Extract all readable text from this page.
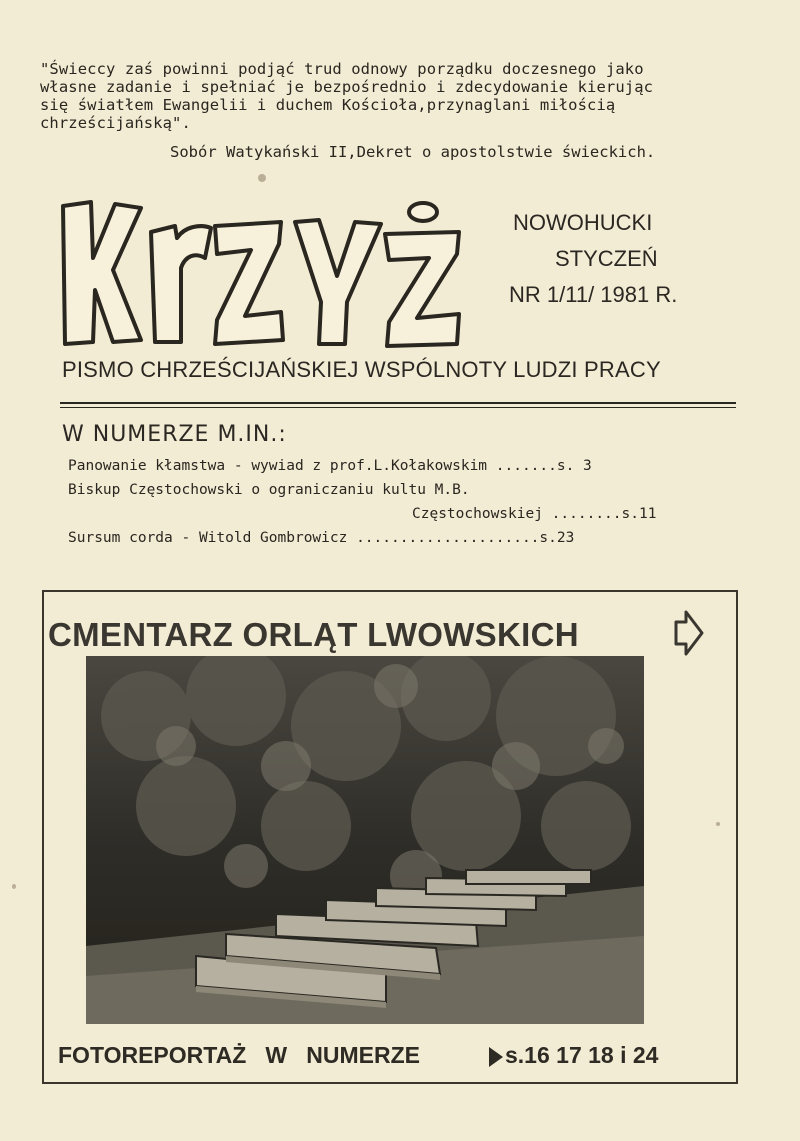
"Świeccy zaś powinni podjąć trud odnowy porządku doczesnego jako
własne zadanie i spełniać je bezpośrednio i zdecydowanie kierując
się światłem Ewangelii i duchem Kościoła,przynaglani miłością
chrześcijańską".
Sobór Watykański II,Dekret o apostolstwie świeckich.
NOWOHUCKI
STYCZEŃ
NR 1/11/ 1981 R.
PISMO CHRZEŚCIJAŃSKIEJ WSPÓLNOTY LUDZI PRACY
W NUMERZE M.IN.:
Panowanie kłamstwa - wywiad z prof.L.Kołakowskim .......s. 3
Biskup Częstochowski o ograniczaniu kultu M.B.
Częstochowskiej ........s.11
Sursum corda - Witold Gombrowicz .....................s.23
CMENTARZ ORLĄT LWOWSKICH
FOTOREPORTAŻ   W   NUMERZE	s.16 17 18 i 24
